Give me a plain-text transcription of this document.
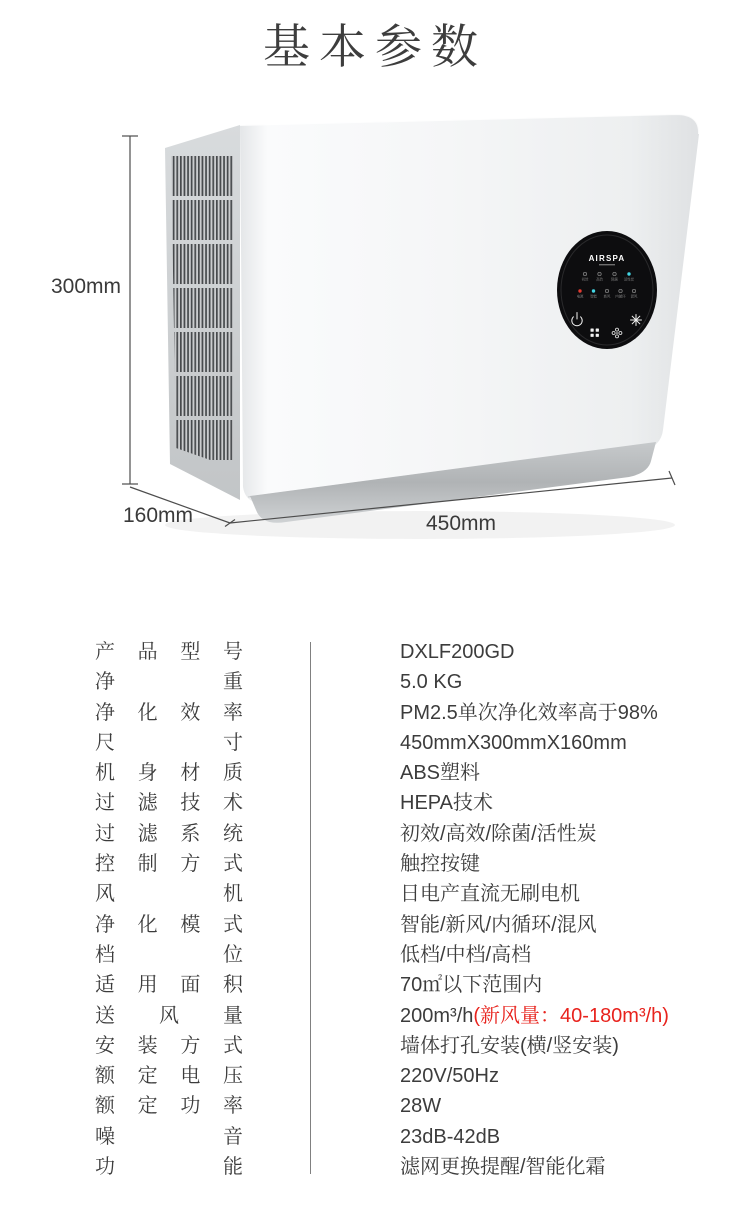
基本参数
AIRSPA
初效 高效 除菌 活性炭
电源 智能 新风 内循环 混风
300mm
160mm	450mm
产品型号	DXLF200GD
净重	5.0 KG
净化效率	PM2.5单次净化效率高于98%
尺寸	450mmX300mmX160mm
机身材质	ABS塑料
过滤技术	HEPA技术
过滤系统	初效/高效/除菌/活性炭
控制方式	触控按键
风机	日电产直流无刷电机
净化模式	智能/新风/内循环/混风
档位	低档/中档/高档
适用面积	70㎡以下范围内
送风量	200m³/h(新风量：40-180m³/h)
安装方式	墙体打孔安装(横/竖安装)
额定电压	220V/50Hz
额定功率	28W
噪音	23dB-42dB
功能	滤网更换提醒/智能化霜
